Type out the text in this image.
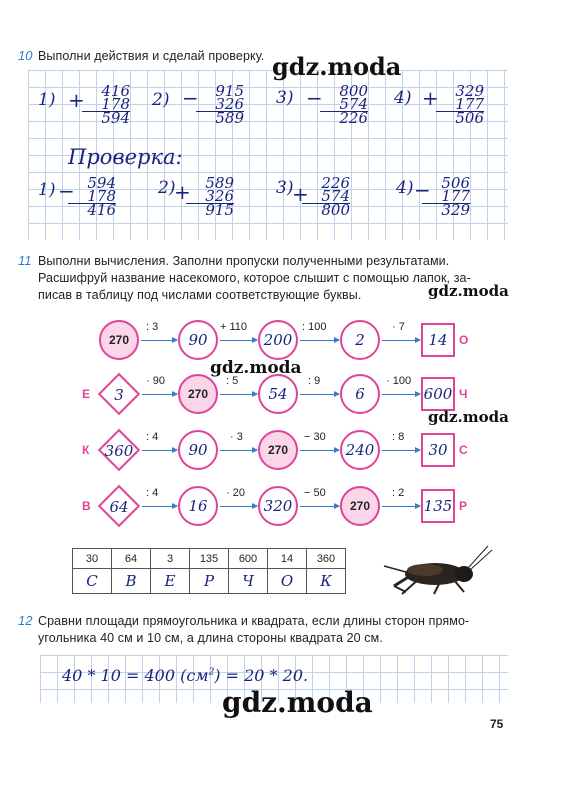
10 Выполни действия и сделай проверку.
1) +	416
178
594
2) −	915
326
589
3) −	800
574
226
4) +	329
177
506
Проверка:
1) − 594
178
416
2)
+ 589
326
915
3)
+ 226
574
800
4) − 506
177
329
gdz.moda
11 Выполни вычисления. Заполни пропуски полученными результатами.
Расшифруй название насекомого, которое слышит с помощью лапок, за-
писав в таблицу под числами соответствующие буквы.	gdz.moda
270
: 3
90
+ 110
200
: 100
2
· 7
14 О
Е	3
· 90
270
: 5
54
: 9
6
· 100
600 Ч
К	360
: 4
90
· 3
270
− 30
240
: 8
30 С
В	64
: 4
16
· 20
320
− 50
270
: 2
135 Р
gdz.moda
gdz.moda
30	64	3	135	600	14	360
С	В	Е	Р	Ч	О	К
12 Сравни площади прямоугольника и квадрата, если длины сторон прямо-
угольника 40 см и 10 см, а длина стороны квадрата 20 см.
40 * 10 = 400 $(см^2) = 20 * 20$.
gdz.moda
75
